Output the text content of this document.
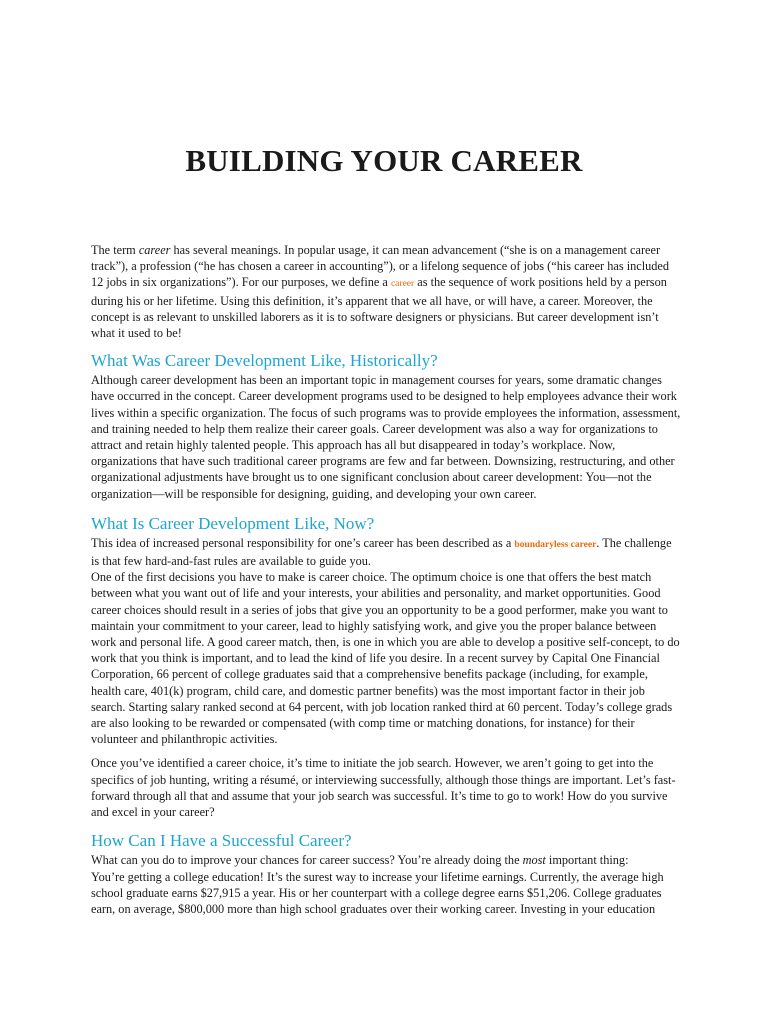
BUILDING YOUR CAREER

The term career has several meanings. In popular usage, it can mean advancement (“she is on a management career track”), a profession (“he has chosen a career in accounting”), or a lifelong sequence of jobs (“his career has included 12 jobs in six organizations”). For our purposes, we define a career as the sequence of work positions held by a person during his or her lifetime. Using this definition, it’s apparent that we all have, or will have, a career. Moreover, the concept is as relevant to unskilled laborers as it is to software designers or physicians. But career development isn’t what it used to be!

What Was Career Development Like, Historically?

Although career development has been an important topic in management courses for years, some dramatic changes have occurred in the concept. Career development programs used to be designed to help employees advance their work lives within a specific organization. The focus of such programs was to provide employees the information, assessment, and training needed to help them realize their career goals. Career development was also a way for organizations to attract and retain highly talented people. This approach has all but disappeared in today’s workplace. Now, organizations that have such traditional career programs are few and far between. Downsizing, restructuring, and other organizational adjustments have brought us to one significant conclusion about career development: You—not the organization—will be responsible for designing, guiding, and developing your own career.

What Is Career Development Like, Now?

This idea of increased personal responsibility for one’s career has been described as a boundaryless career. The challenge is that few hard-and-fast rules are available to guide you.

One of the first decisions you have to make is career choice. The optimum choice is one that offers the best match between what you want out of life and your interests, your abilities and personality, and market opportunities. Good career choices should result in a series of jobs that give you an opportunity to be a good performer, make you want to maintain your commitment to your career, lead to highly satisfying work, and give you the proper balance between work and personal life. A good career match, then, is one in which you are able to develop a positive self-concept, to do work that you think is important, and to lead the kind of life you desire. In a recent survey by Capital One Financial Corporation, 66 percent of college graduates said that a comprehensive benefits package (including, for example, health care, 401(k) program, child care, and domestic partner benefits) was the most important factor in their job search. Starting salary ranked second at 64 percent, with job location ranked third at 60 percent. Today’s college grads are also looking to be rewarded or compensated (with comp time or matching donations, for instance) for their volunteer and philanthropic activities.

Once you’ve identified a career choice, it’s time to initiate the job search. However, we aren’t going to get into the specifics of job hunting, writing a résumé, or interviewing successfully, although those things are important. Let’s fast-forward through all that and assume that your job search was successful. It’s time to go to work! How do you survive and excel in your career?

How Can I Have a Successful Career?

What can you do to improve your chances for career success? You’re already doing the most important thing:

You’re getting a college education! It’s the surest way to increase your lifetime earnings. Currently, the average high school graduate earns $27,915 a year. His or her counterpart with a college degree earns $51,206. College graduates earn, on average, $800,000 more than high school graduates over their working career. Investing in your education
